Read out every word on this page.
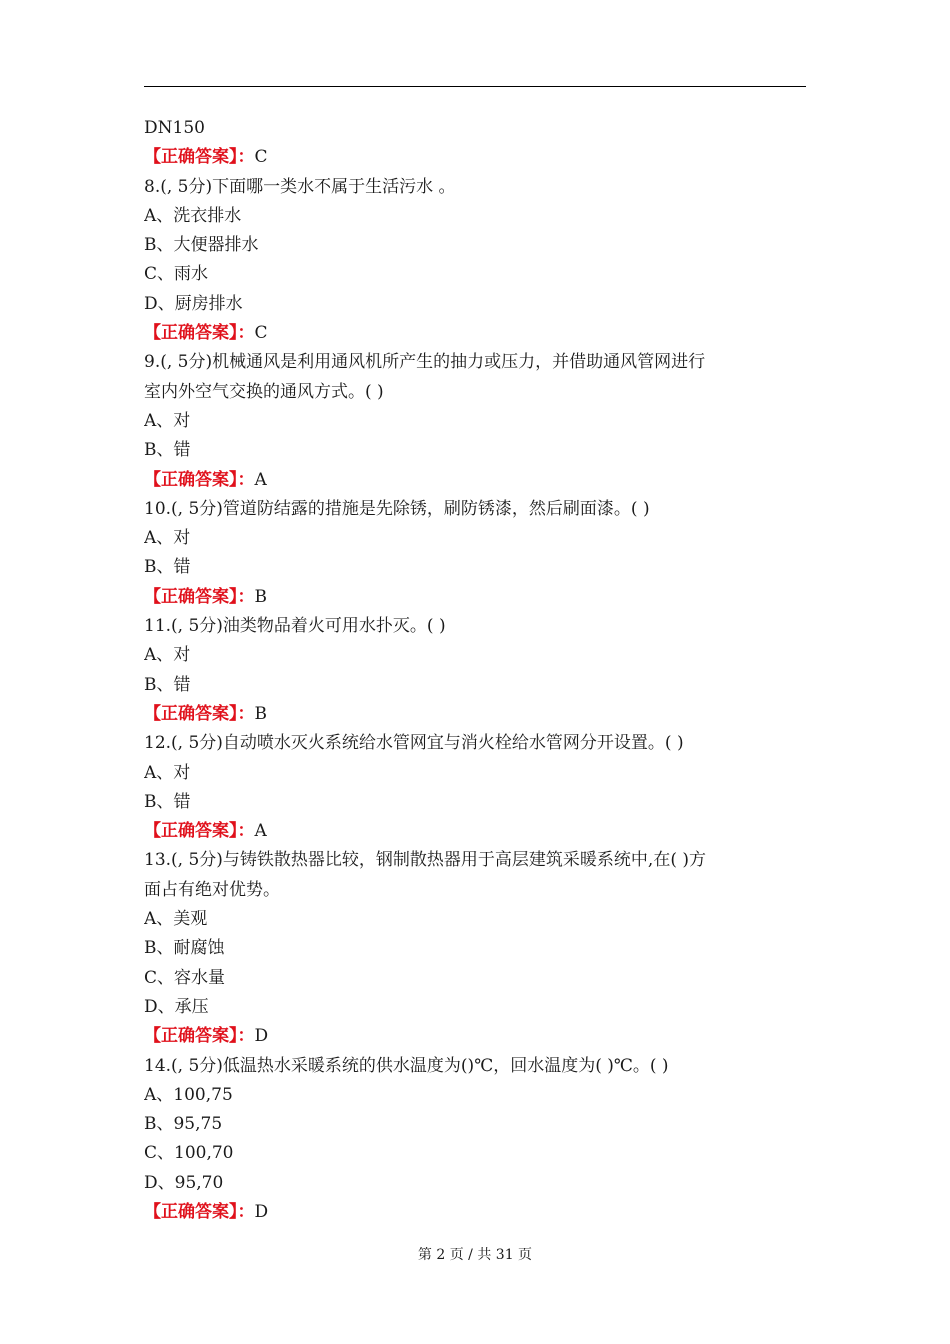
DN150
【正确答案】：C
8.(, 5分)下面哪一类水不属于生活污水 。
A、洗衣排水
B、大便器排水
C、雨水
D、厨房排水
【正确答案】：C
9.(, 5分)机械通风是利用通风机所产生的抽力或压力，并借助通风管网进行
室内外空气交换的通风方式。( )
A、对
B、错
【正确答案】：A
10.(, 5分)管道防结露的措施是先除锈，刷防锈漆，然后刷面漆。( )
A、对
B、错
【正确答案】：B
11.(, 5分)油类物品着火可用水扑灭。( )
A、对
B、错
【正确答案】：B
12.(, 5分)自动喷水灭火系统给水管网宜与消火栓给水管网分开设置。( )
A、对
B、错
【正确答案】：A
13.(, 5分)与铸铁散热器比较，钢制散热器用于高层建筑采暖系统中,在( )方
面占有绝对优势。
A、美观
B、耐腐蚀
C、容水量
D、承压
【正确答案】：D
14.(, 5分)低温热水采暖系统的供水温度为()℃，回水温度为( )℃。( )
A、100,75
B、95,75
C、100,70
D、95,70
【正确答案】：D
第 2 页 / 共 31 页
